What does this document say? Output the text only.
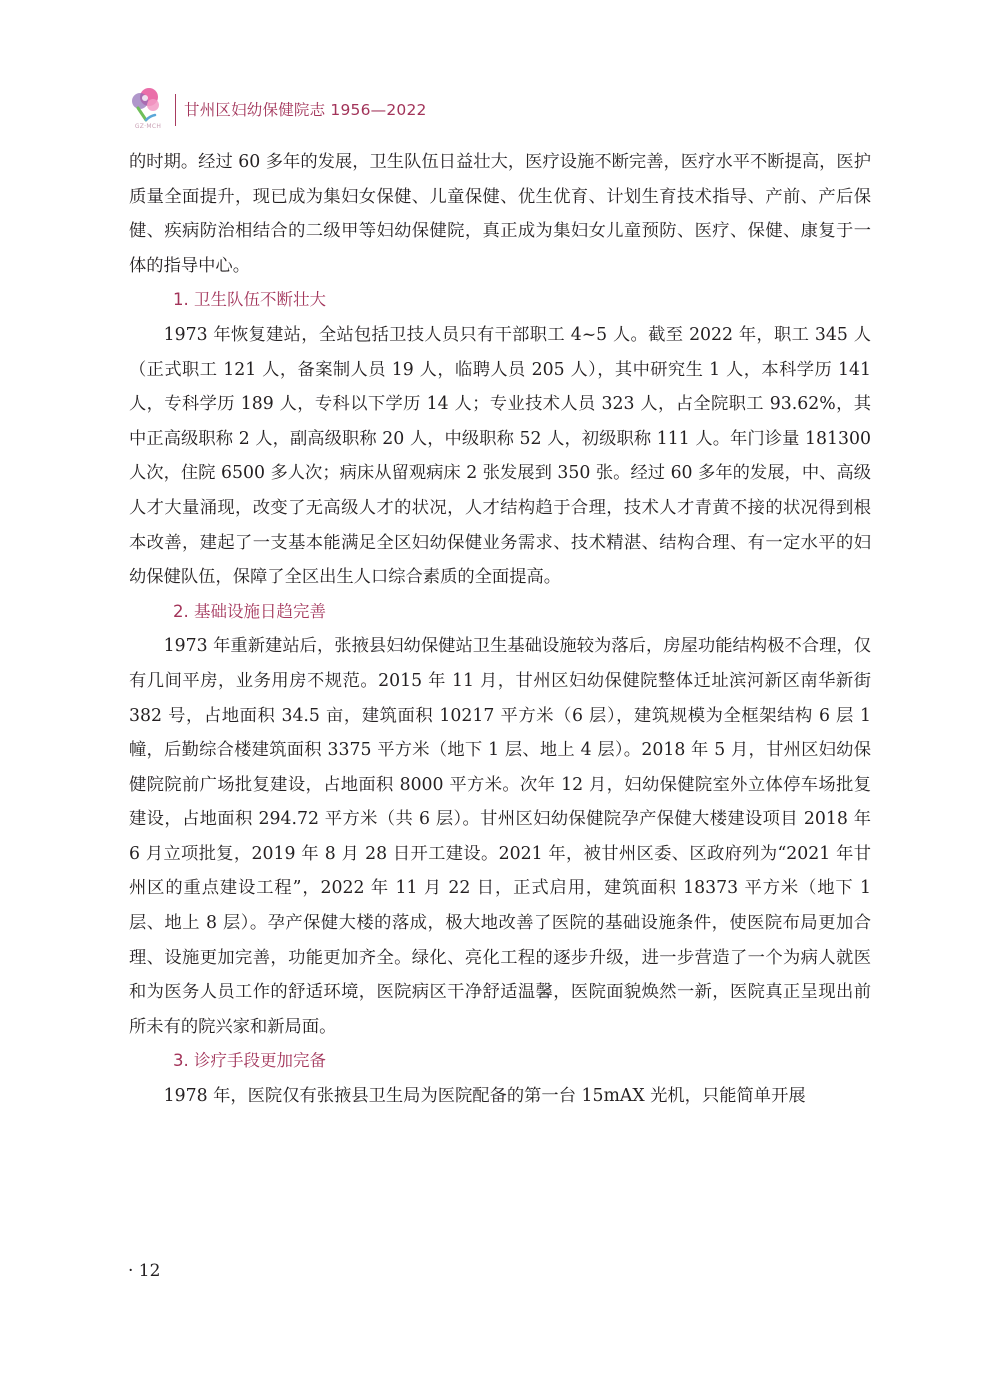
GZ·MCH
甘州区妇幼保健院志 1956—2022

的时期。经过 60 多年的发展，卫生队伍日益壮大，医疗设施不断完善，医疗水平不断提高，医护质量全面提升，现已成为集妇女保健、儿童保健、优生优育、计划生育技术指导、产前、产后保健、疾病防治相结合的二级甲等妇幼保健院，真正成为集妇女儿童预防、医疗、保健、康复于一体的指导中心。

1. 卫生队伍不断壮大

1973 年恢复建站，全站包括卫技人员只有干部职工 4~5 人。截至 2022 年，职工 345 人（正式职工 121 人，备案制人员 19 人，临聘人员 205 人），其中研究生 1 人，本科学历 141 人，专科学历 189 人，专科以下学历 14 人；专业技术人员 323 人，占全院职工 93.62%，其中正高级职称 2 人，副高级职称 20 人，中级职称 52 人，初级职称 111 人。年门诊量 181300 人次，住院 6500 多人次；病床从留观病床 2 张发展到 350 张。经过 60 多年的发展，中、高级人才大量涌现，改变了无高级人才的状况，人才结构趋于合理，技术人才青黄不接的状况得到根本改善，建起了一支基本能满足全区妇幼保健业务需求、技术精湛、结构合理、有一定水平的妇幼保健队伍，保障了全区出生人口综合素质的全面提高。

2. 基础设施日趋完善

1973 年重新建站后，张掖县妇幼保健站卫生基础设施较为落后，房屋功能结构极不合理，仅有几间平房，业务用房不规范。2015 年 11 月，甘州区妇幼保健院整体迁址滨河新区南华新街 382 号，占地面积 34.5 亩，建筑面积 10217 平方米（6 层），建筑规模为全框架结构 6 层 1 幢，后勤综合楼建筑面积 3375 平方米（地下 1 层、地上 4 层）。2018 年 5 月，甘州区妇幼保健院院前广场批复建设，占地面积 8000 平方米。次年 12 月，妇幼保健院室外立体停车场批复建设，占地面积 294.72 平方米（共 6 层）。甘州区妇幼保健院孕产保健大楼建设项目 2018 年 6 月立项批复，2019 年 8 月 28 日开工建设。2021 年，被甘州区委、区政府列为“2021 年甘州区的重点建设工程”，2022 年 11 月 22 日，正式启用，建筑面积 18373 平方米（地下 1 层、地上 8 层）。孕产保健大楼的落成，极大地改善了医院的基础设施条件，使医院布局更加合理、设施更加完善，功能更加齐全。绿化、亮化工程的逐步升级，进一步营造了一个为病人就医和为医务人员工作的舒适环境，医院病区干净舒适温馨，医院面貌焕然一新，医院真正呈现出前所未有的院兴家和新局面。

3. 诊疗手段更加完备

1978 年，医院仅有张掖县卫生局为医院配备的第一台 15mAX 光机，只能简单开展

· 12
